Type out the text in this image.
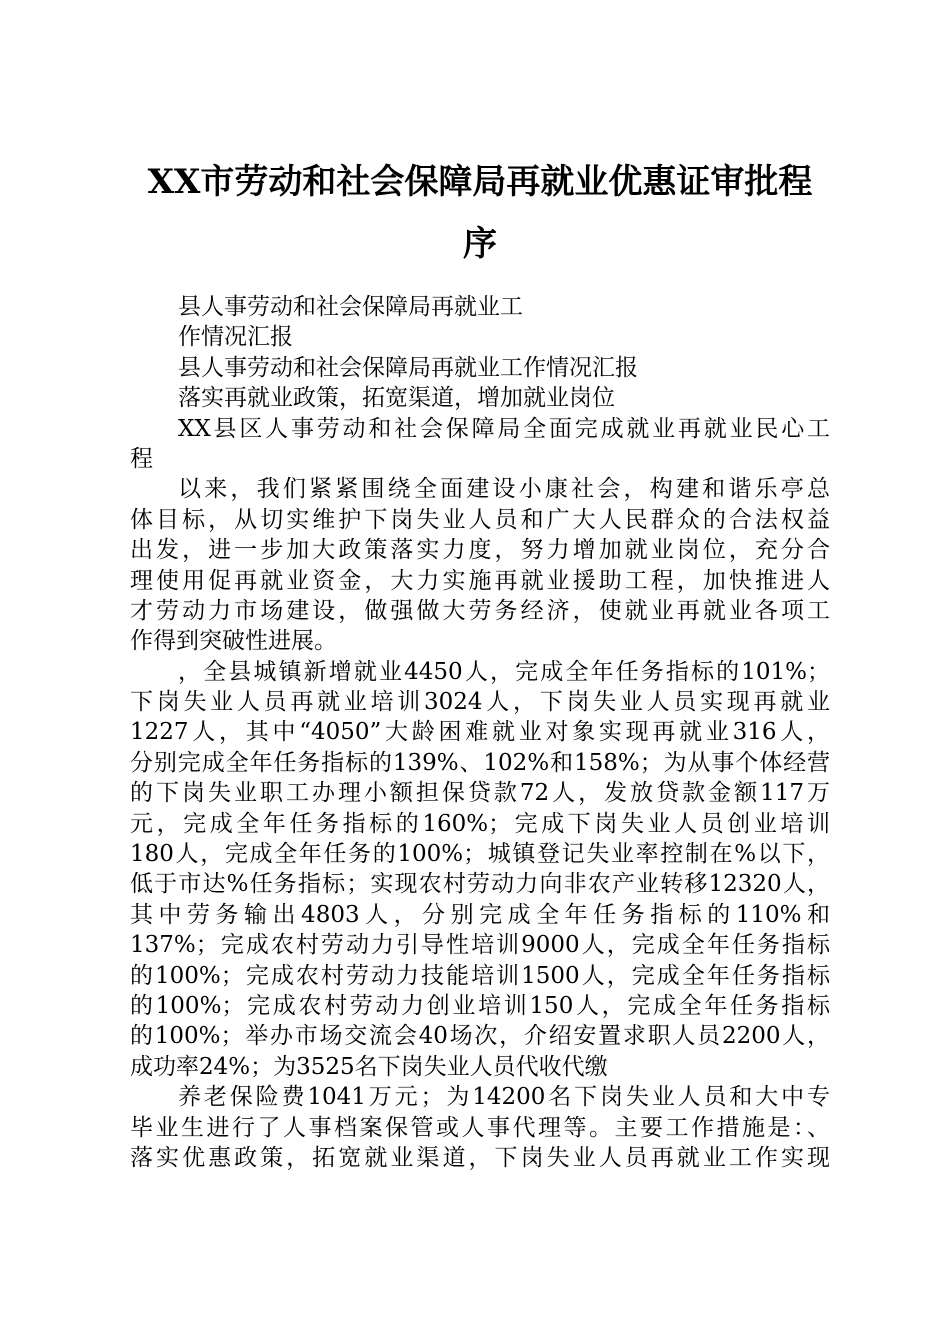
XX市劳动和社会保障局再就业优惠证审批程
序
县人事劳动和社会保障局再就业工
作情况汇报
县人事劳动和社会保障局再就业工作情况汇报
落实再就业政策，拓宽渠道，增加就业岗位
XX县区人事劳动和社会保障局全面完成就业再就业民心工
程
以来，我们紧紧围绕全面建设小康社会，构建和谐乐亭总
体目标，从切实维护下岗失业人员和广大人民群众的合法权益
出发，进一步加大政策落实力度，努力增加就业岗位，充分合
理使用促再就业资金，大力实施再就业援助工程，加快推进人
才劳动力市场建设，做强做大劳务经济，使就业再就业各项工
作得到突破性进展。
，全县城镇新增就业4450人，完成全年任务指标的101%；
下岗失业人员再就业培训3024人，下岗失业人员实现再就业
1227人，其中“4050”大龄困难就业对象实现再就业316人，
分别完成全年任务指标的139%、102%和158%；为从事个体经营
的下岗失业职工办理小额担保贷款72人，发放贷款金额117万
元，完成全年任务指标的160%；完成下岗失业人员创业培训
180人，完成全年任务的100%；城镇登记失业率控制在%以下，
低于市达%任务指标；实现农村劳动力向非农产业转移12320人，
其中劳务输出4803人，分别完成全年任务指标的110%和
137%；完成农村劳动力引导性培训9000人，完成全年任务指标
的100%；完成农村劳动力技能培训1500人，完成全年任务指标
的100%；完成农村劳动力创业培训150人，完成全年任务指标
的100%；举办市场交流会40场次，介绍安置求职人员2200人，
成功率24%；为3525名下岗失业人员代收代缴
养老保险费1041万元；为14200名下岗失业人员和大中专
毕业生进行了人事档案保管或人事代理等。主要工作措施是：、
落实优惠政策，拓宽就业渠道，下岗失业人员再就业工作实现
